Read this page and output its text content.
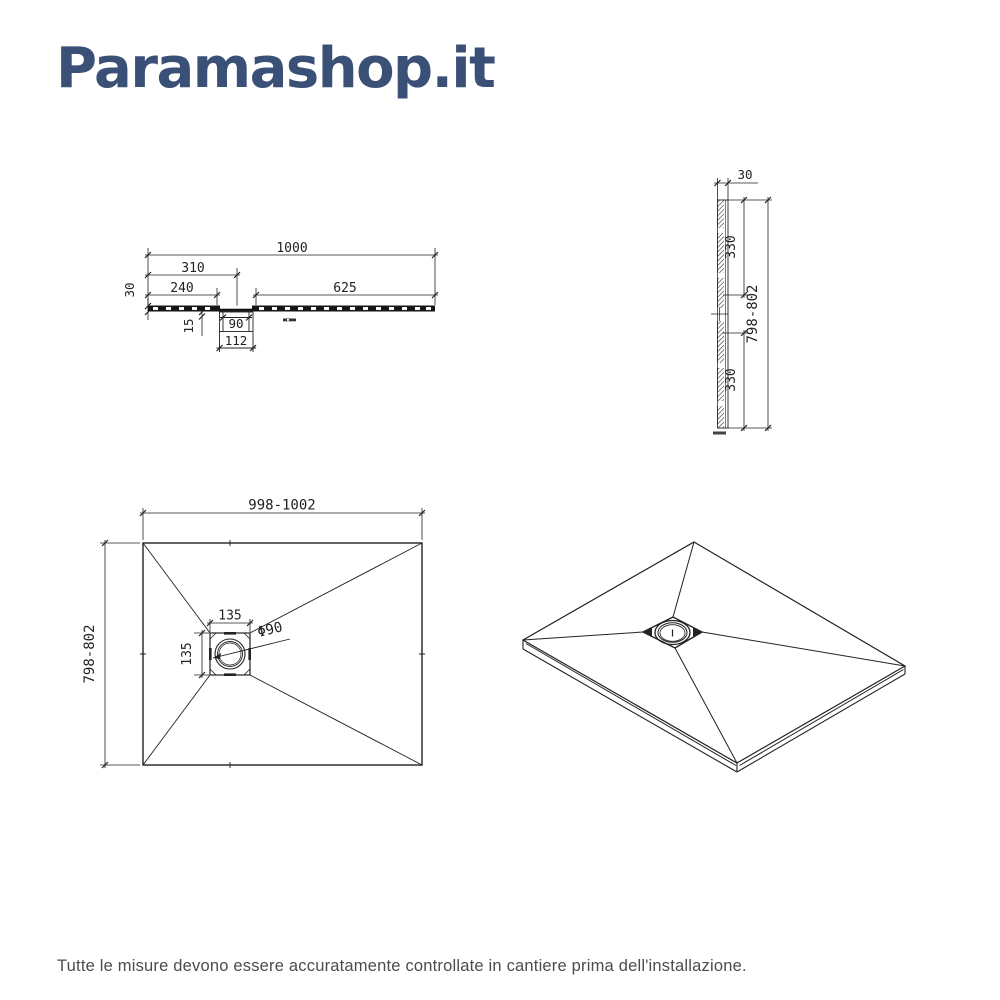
Paramashop.it
1000
310
240	625
30
15	90
112
30
330
798-802
330
998-1002
798-802
135
135
Φ90
Tutte le misure devono essere accuratamente controllate in cantiere prima dell'installazione.
